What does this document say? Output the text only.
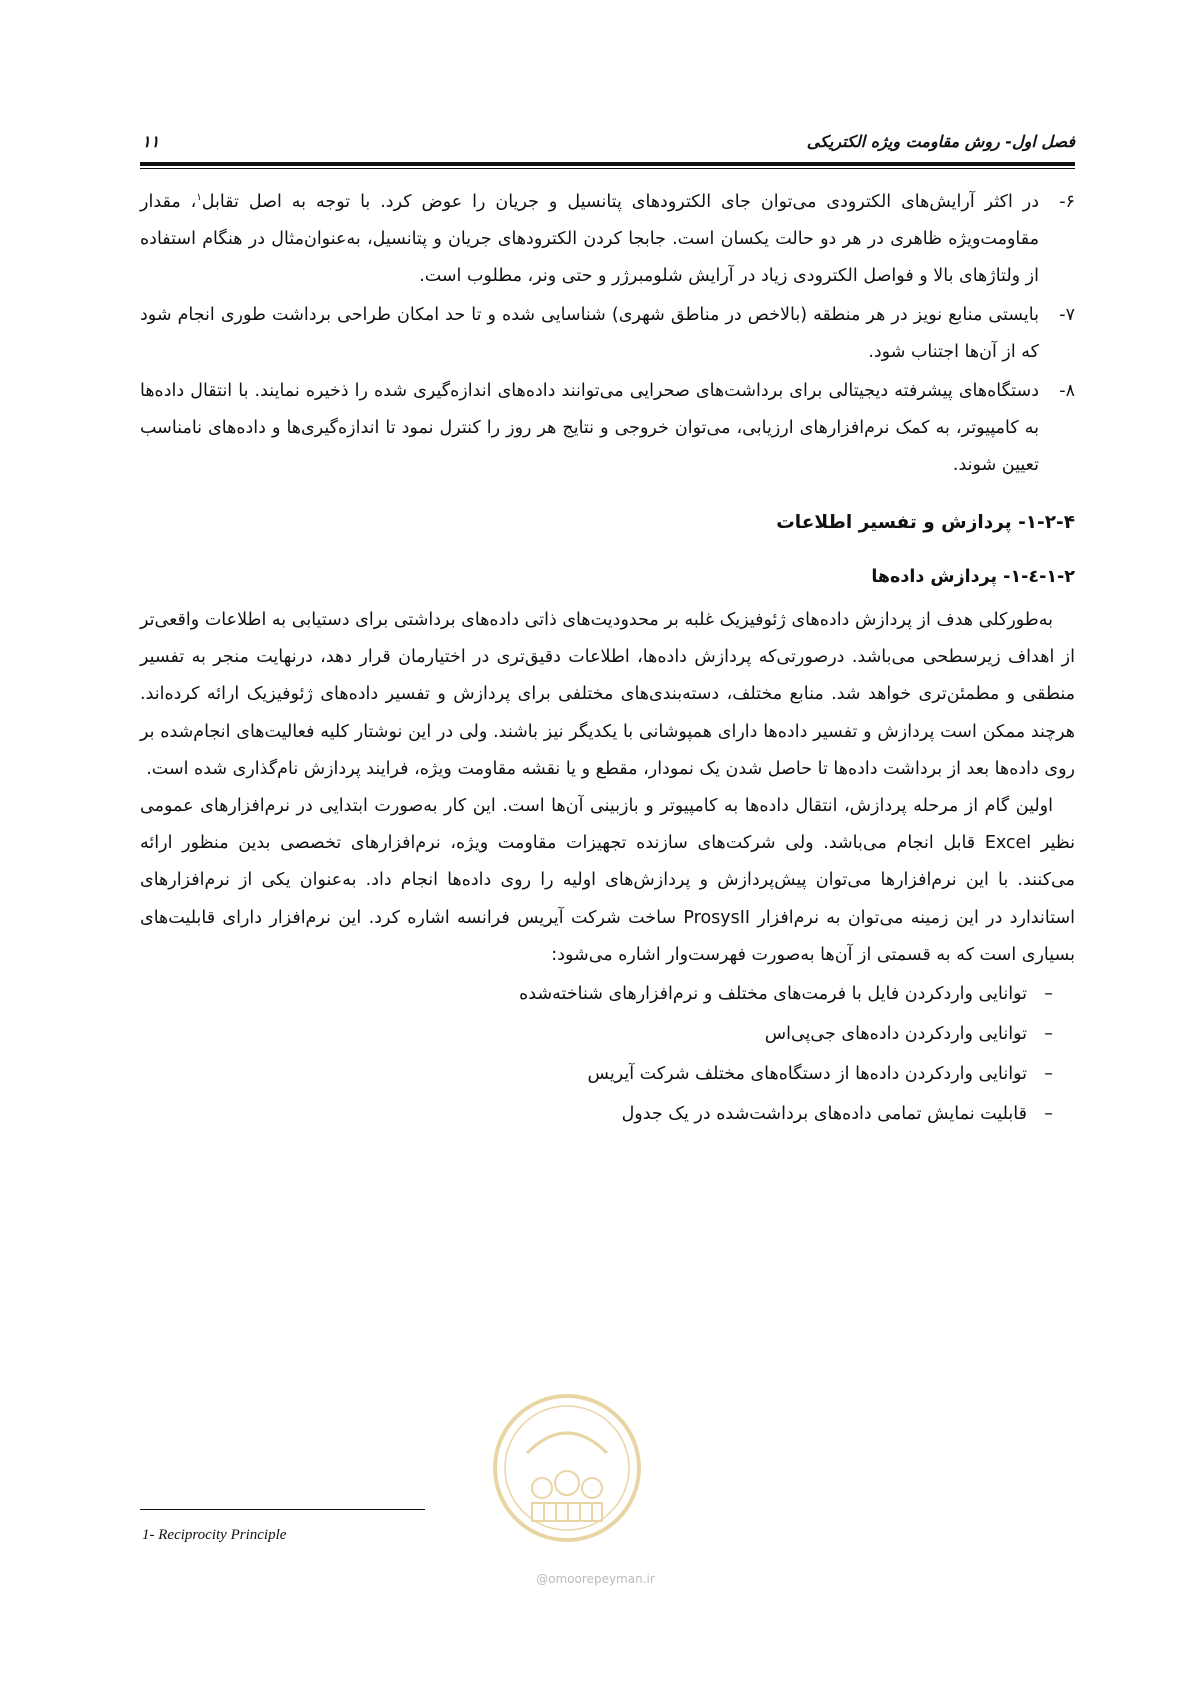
فصل اول- روش مقاومت ویژه الکتریکی
۱۱
۶-
در اکثر آرایش‌های الکترودی می‌توان جای الکترودهای پتانسیل و جریان را عوض کرد. با توجه به اصل تقابل$^۱$، مقدار مقاومت‌ویژه ظاهری در هر دو حالت یکسان است. جابجا کردن الکترودهای جریان و پتانسیل، به‌عنوان‌مثال در هنگام استفاده از ولتاژهای بالا و فواصل الکترودی زیاد در آرایش شلومبرژر و حتی ونر، مطلوب است.
۷-
بایستی منابع نویز در هر منطقه (بالاخص در مناطق شهری) شناسایی شده و تا حد امکان طراحی برداشت طوری انجام شود که از آن‌ها اجتناب شود.
۸-
دستگاه‌های پیشرفته دیجیتالی برای برداشت‌های صحرایی می‌توانند داده‌های اندازه‌گیری شده را ذخیره نمایند. با انتقال داده‌ها به کامپیوتر، به کمک نرم‌افزارهای ارزیابی، می‌توان خروجی و نتایج هر روز را کنترل نمود تا اندازه‌گیری‌ها و داده‌های نامناسب تعیین شوند.
۱-۲-۴- پردازش و تفسیر اطلاعات
۱-۲-٤-۱- پردازش داده‌ها

به‌طورکلی هدف از پردازش داده‌های ژئوفیزیک غلبه بر محدودیت‌های ذاتی داده‌های برداشتی برای دستیابی به اطلاعات واقعی‌تر از اهداف زیرسطحی می‌باشد. درصورتی‌که پردازش داده‌ها، اطلاعات دقیق‌تری در اختیارمان قرار دهد، درنهایت منجر به تفسیر منطقی و مطمئن‌تری خواهد شد. منابع مختلف، دسته‌بندی‌های مختلفی برای پردازش و تفسیر داده‌های ژئوفیزیک ارائه کرده‌اند. هرچند ممکن است پردازش و تفسیر داده‌ها دارای همپوشانی با یکدیگر نیز باشند. ولی در این نوشتار کلیه فعالیت‌های انجام‌شده بر روی داده‌ها بعد از برداشت داده‌ها تا حاصل شدن یک نمودار، مقطع و یا نقشه مقاومت ویژه، فرایند پردازش نام‌گذاری شده است.

اولین گام از مرحله پردازش، انتقال داده‌ها به کامپیوتر و بازبینی آن‌ها است. این کار به‌صورت ابتدایی در نرم‌افزارهای عمومی نظیر Excel قابل انجام می‌باشد. ولی شرکت‌های سازنده تجهیزات مقاومت ویژه، نرم‌افزارهای تخصصی بدین منظور ارائه می‌کنند. با این نرم‌افزارها می‌توان پیش‌پردازش و پردازش‌های اولیه را روی داده‌ها انجام داد. به‌عنوان یکی از نرم‌افزارهای استاندارد در این زمینه می‌توان به نرم‌افزار ProsysII ساخت شرکت آیریس فرانسه اشاره کرد. این نرم‌افزار دارای قابلیت‌های بسیاری است که به قسمتی از آن‌ها به‌صورت فهرست‌وار اشاره می‌شود:

–توانایی واردکردن فایل با فرمت‌های مختلف و نرم‌افزارهای شناخته‌شده
–توانایی واردکردن داده‌های جی‌پی‌اس
–توانایی واردکردن داده‌ها از دستگاه‌های مختلف شرکت آیریس
–قابلیت نمایش تمامی داده‌های برداشت‌شده در یک جدول
@omoorepeyman.ir
1- Reciprocity Principle
